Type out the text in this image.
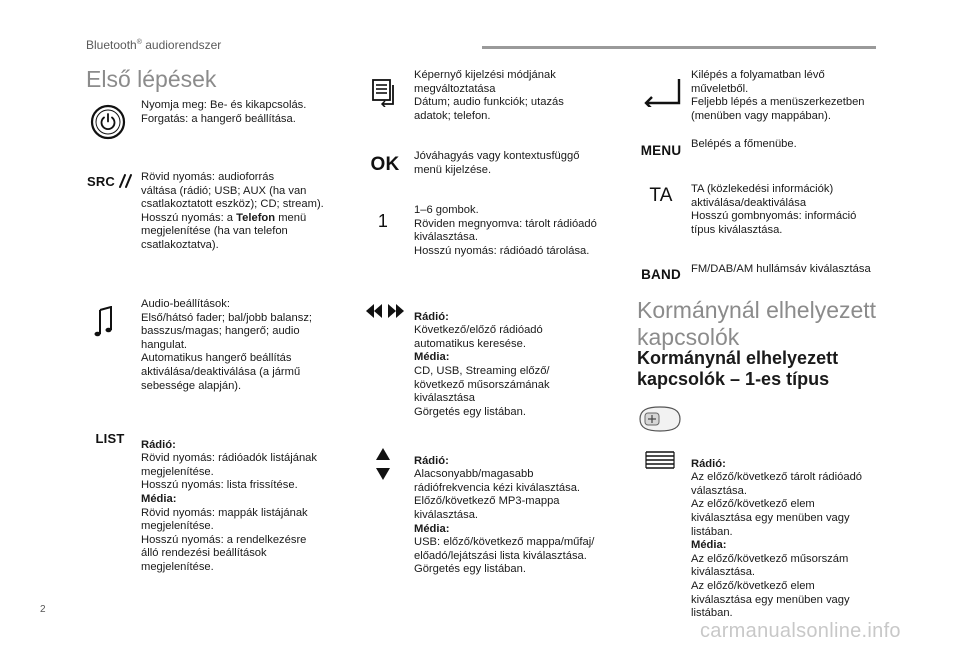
Bluetooth® audiorendszer
Első lépések
Nyomja meg: Be- és kikapcsolás.
Forgatás: a hangerő beállítása.
SRC Rövid nyomás: audioforrás
váltása (rádió; USB; AUX (ha van
csatlakoztatott eszköz); CD; stream).
Hosszú nyomás: a Telefon menü
megjelenítése (ha van telefon
csatlakoztatva).
Audio-beállítások:
Első/hátsó fader; bal/jobb balansz;
basszus/magas; hangerő; audio
hangulat.
Automatikus hangerő beállítás
aktiválása/deaktiválása (a jármű
sebessége alapján).
LIST Rádió:
Rövid nyomás: rádióadók listájának
megjelenítése.
Hosszú nyomás: lista frissítése.
Média:
Rövid nyomás: mappák listájának
megjelenítése.
Hosszú nyomás: a rendelkezésre
álló rendezési beállítások
megjelenítése.

Képernyő kijelzési módjának
megváltoztatása
Dátum; audio funkciók; utazás
adatok; telefon.
OK Jóváhagyás vagy kontextusfüggő
menü kijelzése.
1
1–6 gombok.
Röviden megnyomva: tárolt rádióadó
kiválasztása.
Hosszú nyomás: rádióadó tárolása.

Rádió:
Következő/előző rádióadó
automatikus keresése.
Média:
CD, USB, Streaming előző/
következő műsorszámának
kiválasztása
Görgetés egy listában.

Rádió:
Alacsonyabb/magasabb
rádiófrekvencia kézi kiválasztása.
Előző/következő MP3-mappa
kiválasztása.
Média:
USB: előző/következő mappa/műfaj/
előadó/lejátszási lista kiválasztása.
Görgetés egy listában.

Kilépés a folyamatban lévő
műveletből.
Feljebb lépés a menüszerkezetben
(menüben vagy mappában).
MENU Belépés a főmenübe.
TA TA (közlekedési információk)
aktiválása/deaktiválása
Hosszú gombnyomás: információ
típus kiválasztása.
BAND FM/DAB/AM hullámsáv kiválasztása
Kormánynál elhelyezett
kapcsolók
Kormánynál elhelyezett
kapcsolók – 1-es típus

Rádió:
Az előző/következő tárolt rádióadó
választása.
Az előző/következő elem
kiválasztása egy menüben vagy
listában.
Média:
Az előző/következő műsorszám
kiválasztása.
Az előző/következő elem
kiválasztása egy menüben vagy
listában.

2
carmanualsonline.info
